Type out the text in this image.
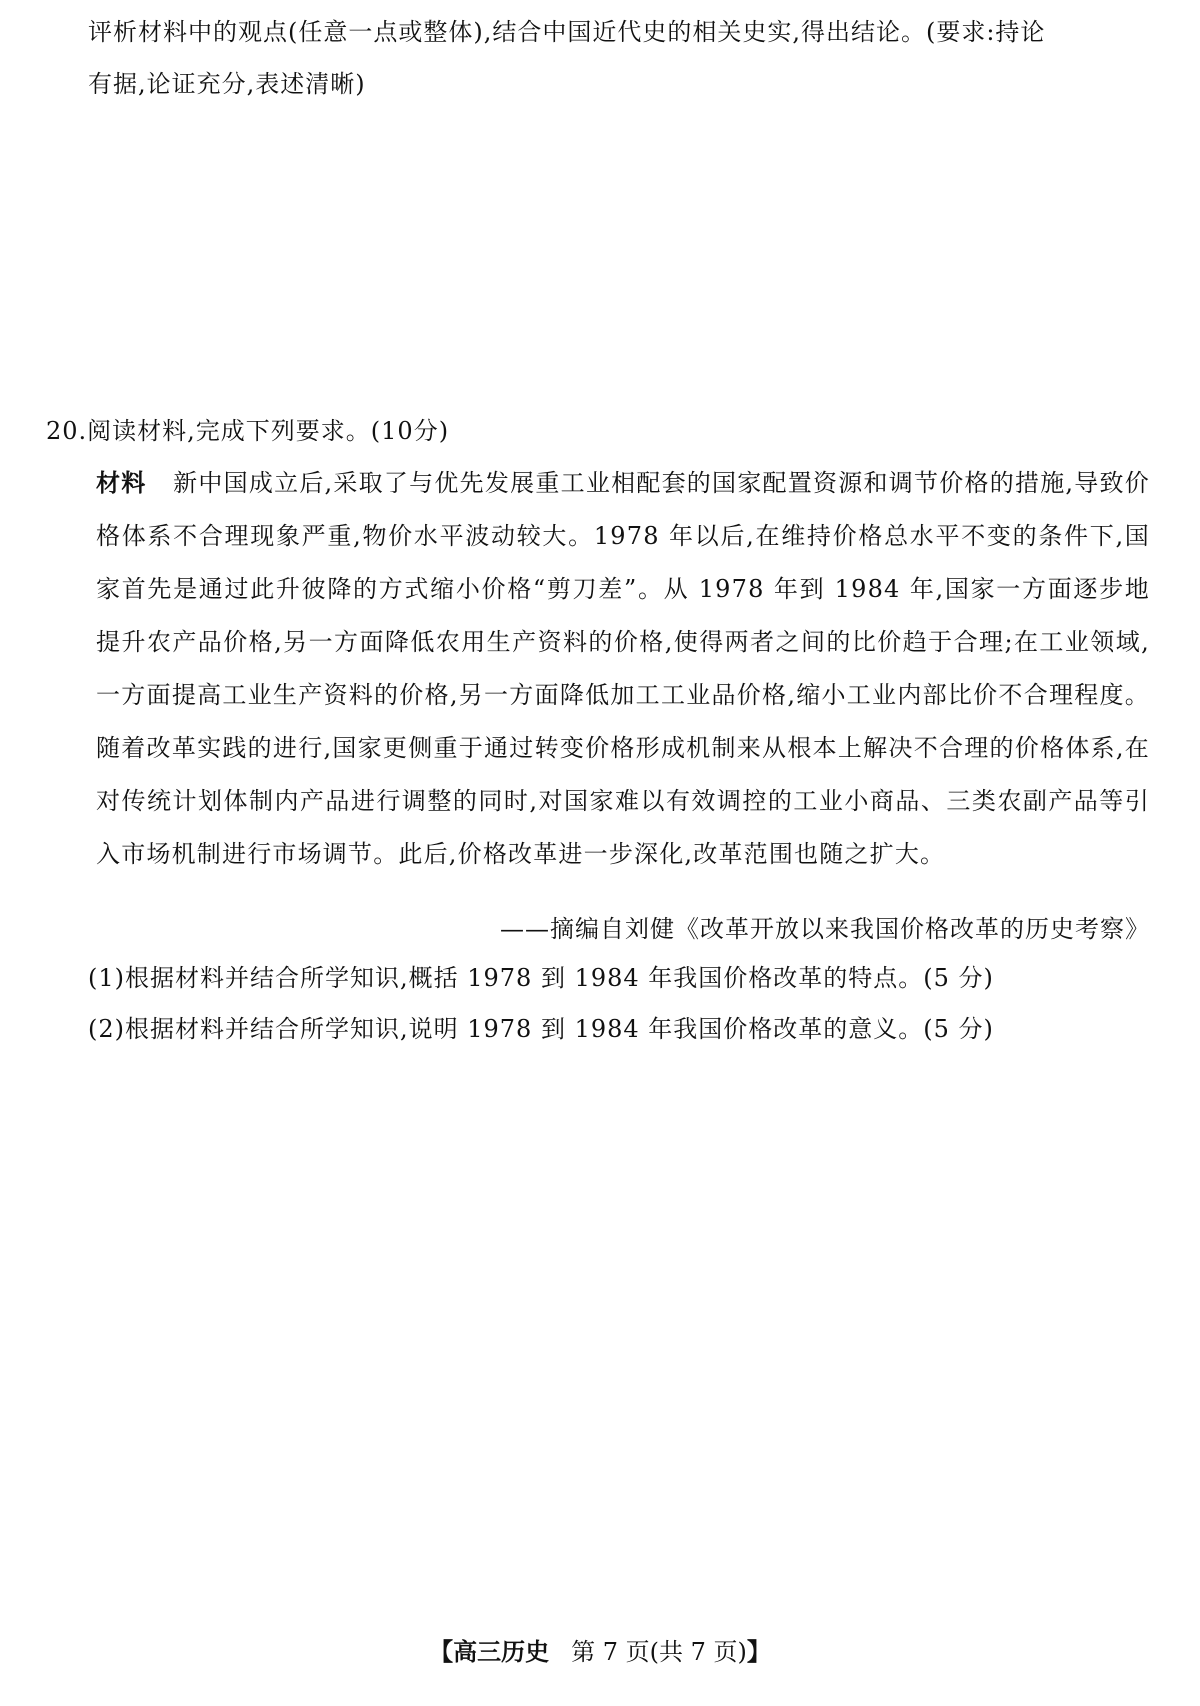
评析材料中的观点(任意一点或整体),结合中国近代史的相关史实,得出结论。(要求:持论
有据,论证充分,表述清晰)
20.阅读材料,完成下列要求。(10分)
材料 新中国成立后,采取了与优先发展重工业相配套的国家配置资源和调节价格的措施,导致价格体系不合理现象严重,物价水平波动较大。1978 年以后,在维持价格总水平不变的条件下,国家首先是通过此升彼降的方式缩小价格“剪刀差”。从 1978 年到 1984 年,国家一方面逐步地提升农产品价格,另一方面降低农用生产资料的价格,使得两者之间的比价趋于合理;在工业领域,一方面提高工业生产资料的价格,另一方面降低加工工业品价格,缩小工业内部比价不合理程度。随着改革实践的进行,国家更侧重于通过转变价格形成机制来从根本上解决不合理的价格体系,在对传统计划体制内产品进行调整的同时,对国家难以有效调控的工业小商品、三类农副产品等引入市场机制进行市场调节。此后,价格改革进一步深化,改革范围也随之扩大。
——摘编自刘健《改革开放以来我国价格改革的历史考察》
(1)根据材料并结合所学知识,概括 1978 到 1984 年我国价格改革的特点。(5 分)
(2)根据材料并结合所学知识,说明 1978 到 1984 年我国价格改革的意义。(5 分)
【高三历史 第 7 页(共 7 页)】
